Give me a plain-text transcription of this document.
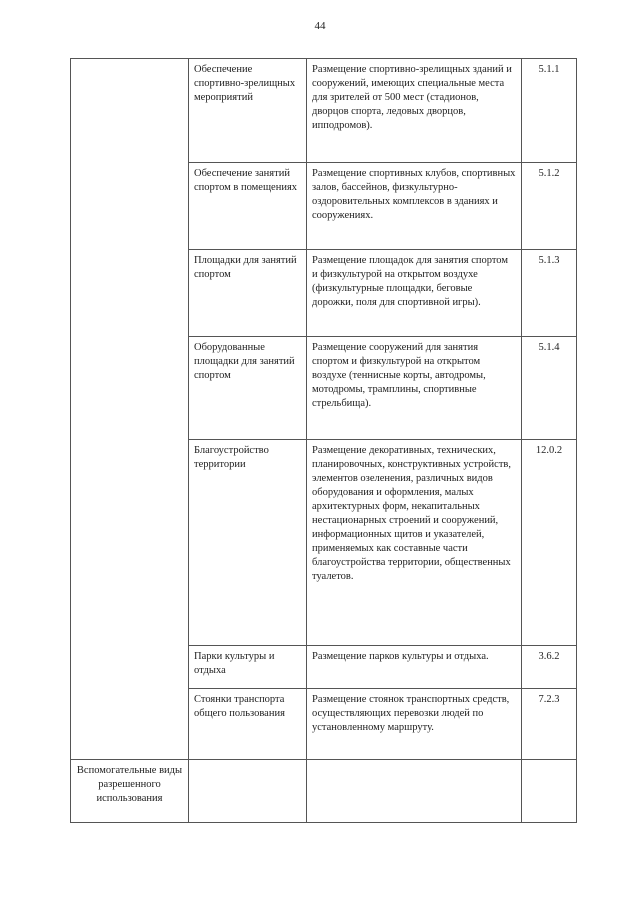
44
	Обеспечение спортивно-зрелищных мероприятий	Размещение спортивно-зрелищных зданий и сооружений, имеющих специальные места для зрителей от 500 мест (стадионов, дворцов спорта, ледовых дворцов, ипподромов).	5.1.1
	Обеспечение занятий спортом в помещениях	Размещение спортивных клубов, спортивных залов, бассейнов, физкультурно-оздоровительных комплексов в зданиях и сооружениях.	5.1.2
	Площадки для занятий спортом	Размещение площадок для занятия спортом и физкультурой на открытом воздухе (физкультурные площадки, беговые дорожки, поля для спортивной игры).	5.1.3
	Оборудованные площадки для занятий спортом	Размещение сооружений для занятия спортом и физкультурой на открытом воздухе (теннисные корты, автодромы, мотодромы, трамплины, спортивные стрельбища).	5.1.4
	Благоустройство территории	Размещение декоративных, технических, планировочных, конструктивных устройств, элементов озеленения, различных видов оборудования и оформления, малых архитектурных форм, некапитальных нестационарных строений и сооружений, информационных щитов и указателей, применяемых как составные части благоустройства территории, общественных туалетов.	12.0.2
	Парки культуры и отдыха	Размещение парков культуры и отдыха.	3.6.2
	Стоянки транспорта общего пользования	Размещение стоянок транспортных средств, осуществляющих перевозки людей по установленному маршруту.	7.2.3
Вспомогательные виды разрешенного использования			
